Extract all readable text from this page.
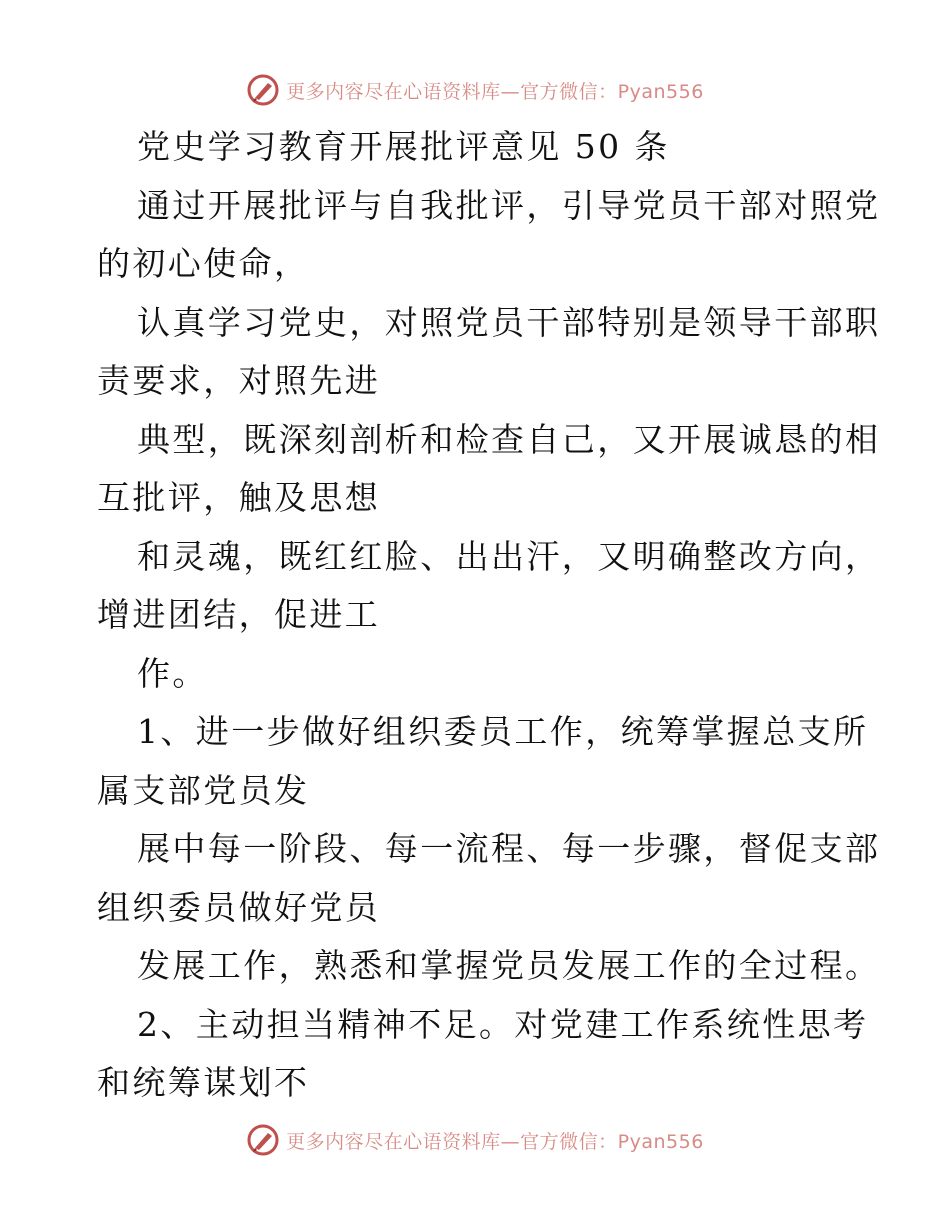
更多内容尽在心语资料库—官方微信：Pyan556
党史学习教育开展批评意见 50 条
通过开展批评与自我批评，引导党员干部对照党
的初心使命，
认真学习党史，对照党员干部特别是领导干部职
责要求，对照先进
典型，既深刻剖析和检查自己，又开展诚恳的相
互批评，触及思想
和灵魂，既红红脸、出出汗，又明确整改方向，
增进团结，促进工
作。
1、进一步做好组织委员工作，统筹掌握总支所
属支部党员发
展中每一阶段、每一流程、每一步骤，督促支部
组织委员做好党员
发展工作，熟悉和掌握党员发展工作的全过程。
2、主动担当精神不足。对党建工作系统性思考
和统筹谋划不
更多内容尽在心语资料库—官方微信：Pyan556
